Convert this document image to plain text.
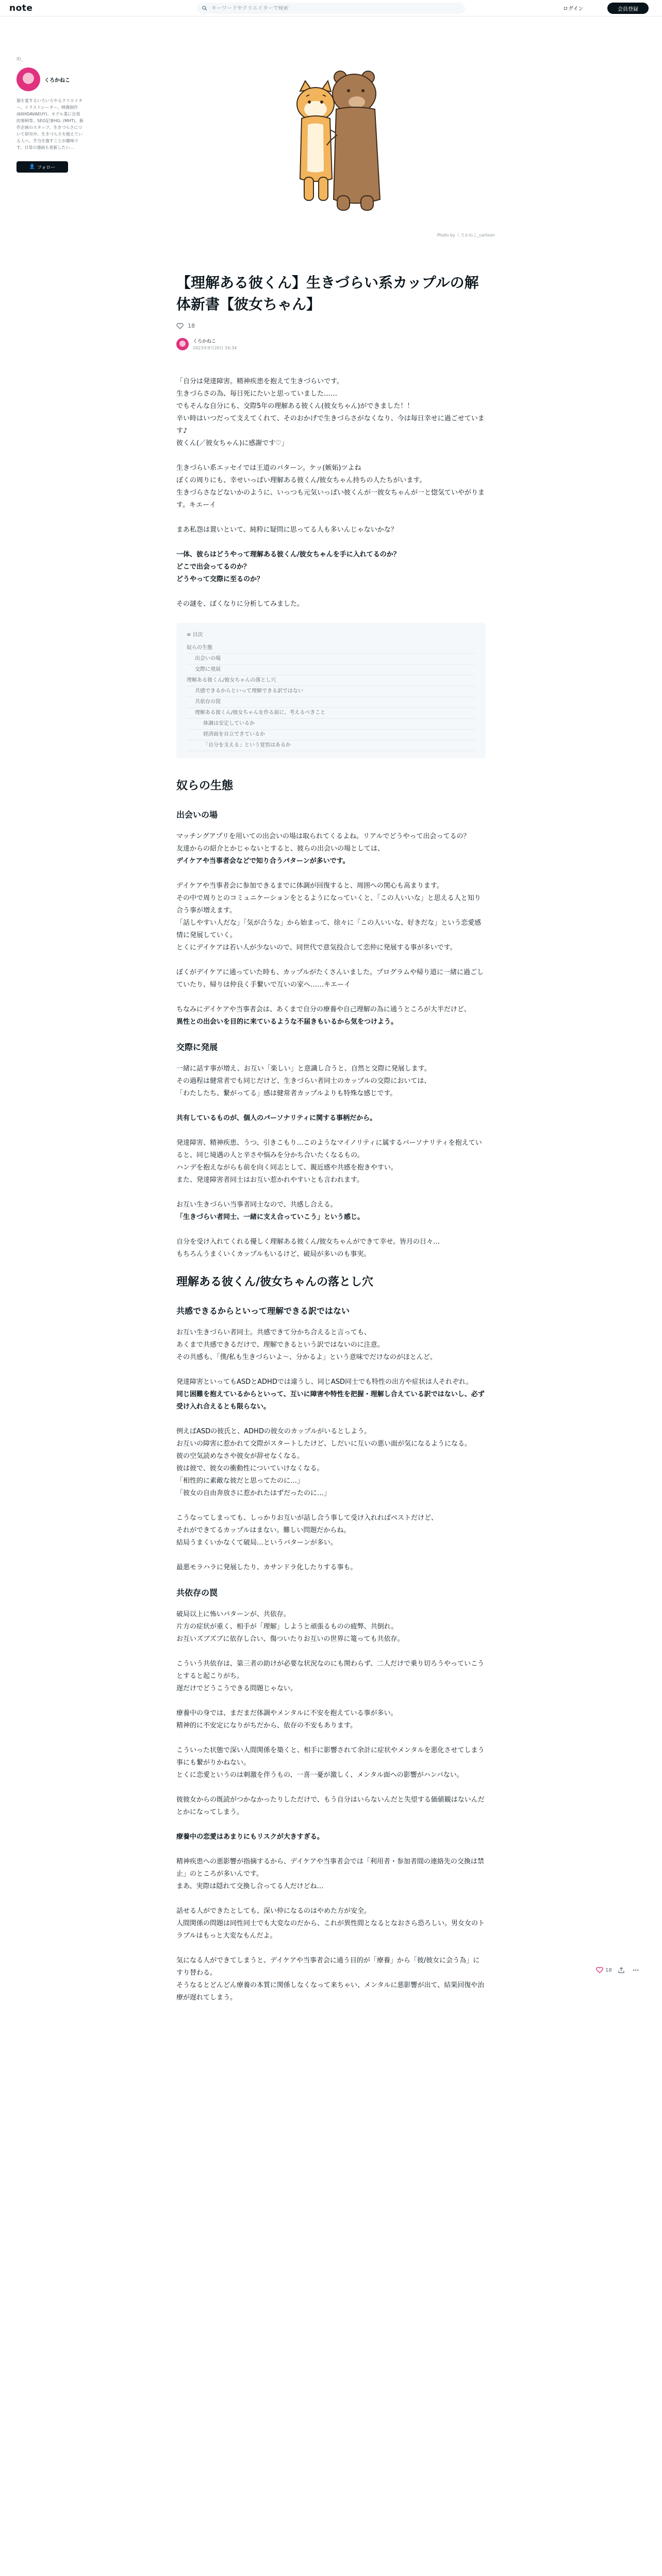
note
キーワードやクリエイターで検索	ログイン	会員登録
ID_
くろかねこ
猫を愛するいろいろやるクリエイター。イラストレーター、映像制作(60HDAVAEUY)、モデル業に自発的事柄等。SEO記事HG: (MHT)、新作企画のスタッフ。生きづらさについて研究中。生きづらさを抱えている人へ、手当を施すことが趣味です。日常の漫画も更新したい...
👤 フォロー
Photo by くろかねこ_cartoon
【理解ある彼くん】生きづらい系カップルの解体新書【彼女ちゃん】
18
くろかねこ
2023年9月20日 16:34

「自分は発達障害。精神疾患を抱えて生きづらいです。
生きづらさの為、毎日死にたいと思っていました……
でもそんな自分にも、交際5年の理解ある彼くん(彼女ちゃん)ができました！！
辛い時はいつだって支えてくれて、そのおかげで生きづらさがなくなり、今は毎日幸せに過ごせています♪
彼くん(／彼女ちゃん)に感謝です♡」

生きづらい系エッセイでは王道のパターン。ケッ(嫉妬)ツよね
ぼくの周りにも、幸せいっぱい理解ある彼くん/彼女ちゃん持ちの人たちがいます。
生きづらさなどないかのように、いっつも元気いっぱい彼くんが一彼女ちゃんが一と惚気ていやがります。キエーイ

まあ私怨は置いといて、純粋に疑問に思ってる人も多いんじゃないかな？

一体、彼らはどうやって理解ある彼くん/彼女ちゃんを手に入れてるのか？
どこで出会ってるのか？
どうやって交際に至るのか？

その謎を、ぼくなりに分析してみました。

≡ 目次
奴らの生態
出会いの場
交際に発展
理解ある彼くん/彼女ちゃんの落とし穴
共感できるからといって理解できる訳ではない
共依存の罠
理解ある彼くん/彼女ちゃんを作る前に、考えるべきこと
体調は安定しているか
経済面を自立できているか
「自分を支える」という覚悟はあるか
奴らの生態
出会いの場

マッチングアプリを用いての出会いの場は取られてくるよね。リアルでどうやって出会ってるの？
友達からの紹介とかじゃないとすると、彼らの出会いの場としては、
デイケアや当事者会などで知り合うパターンが多いです。

デイケアや当事者会に参加できるまでに体調が回復すると、周囲への関心も高まります。
その中で周りとのコミュニケーションをとるようになっていくと、「この人いいな」と思える人と知り合う事が増えます。
「話しやすい人だな」「気が合うな」から始まって、徐々に「この人いいな、好きだな」という恋愛感情に発展していく。
とくにデイケアは若い人が少ないので、同世代で意気投合して恋仲に発展する事が多いです。

ぼくがデイケアに通っていた時も、カップルがたくさんいました。プログラムや帰り道に一緒に過ごしていたり、帰りは仲良く手繋いで互いの家へ……キエーイ

ちなみにデイケアや当事者会は、あくまで自分の療養や自己理解の為に通うところが大半だけど、
異性との出会いを目的に来ているような不届きもいるから気をつけよう。

交際に発展

一緒に話す事が増え、お互い「楽しい」と意識し合うと、自然と交際に発展します。
その過程は健常者でも同じだけど、生きづらい者同士のカップルの交際においては、
「わたしたち、繋がってる」感は健常者カップルよりも特殊な感じです。

共有しているものが、個人のパーソナリティに関する事柄だから。

発達障害、精神疾患、うつ、引きこもり…このようなマイノリティに属するパーソナリティを抱えていると、同じ境遇の人と辛さや悩みを分かち合いたくなるもの。
ハンデを抱えながらも前を向く同志として、親近感や共感を抱きやすい。
また、発達障害者同士はお互い惹かれやすいとも言われます。

お互い生きづらい当事者同士なので、共感し合える。
「生きづらい者同士、一緒に支え合っていこう」という感じ。

自分を受け入れてくれる優しく理解ある彼くん/彼女ちゃんができて幸せ。皆月の日々…
もちろんうまくいくカップルもいるけど、破局が多いのも事実。

理解ある彼くん/彼女ちゃんの落とし穴
共感できるからといって理解できる訳ではない

お互い生きづらい者同士。共感できて分かち合えると言っても、
あくまで共感できるだけで、理解できるという訳ではないのに注意。
その共感も、「僕/私も生きづらいよ～、分かるよ」という意味でだけなのがほとんど。

発達障害といってもASDとADHDでは違うし、同じASD同士でも特性の出方や症状は人それぞれ。
同じ困難を抱えているからといって、互いに障害や特性を把握・理解し合えている訳ではないし、必ず受け入れ合えるとも限らない。

例えばASDの彼氏と、ADHDの彼女のカップルがいるとしよう。
お互いの障害に惹かれて交際がスタートしたけど、しだいに互いの悪い面が気になるようになる。
彼の空気読めなさや彼女が辞せなくなる。
彼は彼で、彼女の衝動性についていけなくなる。
「相性的に素敵な彼だと思ってたのに…」
「彼女の自由奔放さに惹かれたはずだったのに…」

こうなってしまっても、しっかりお互いが話し合う事して受け入れればベストだけど、
それができてるカップルはまない。難しい問題だからね。
結局うまくいかなくて破局…というパターンが多い。

最悪モラハラに発展したり、カサンドラ化したりする事も。

共依存の罠

破局以上に怖いパターンが、共依存。
片方の症状が重く、相手が「理解」しようと頑張るものの疲弊、共倒れ。
お互いズブズブに依存し合い、傷ついたりお互いの世界に篭っても共依存。

こういう共依存は、第三者の助けが必要な状況なのにも関わらず、二人だけで乗り切ろうやっていこうとすると起こりがち。
遅だけでどうこうできる問題じゃない。

療養中の身では、まだまだ体調やメンタルに不安を抱えている事が多い。
精神的に不安定になりがちだから、依存の不安もあります。

こういった状態で深い人間関係を築くと、相手に影響されて余計に症状やメンタルを悪化させてしまう事にも繋がりかねない。
とくに恋愛というのは刺激を伴うもの、一喜一憂が激しく、メンタル面への影響がハンパない。

彼彼女からの既読がつかなかったりしただけで、もう自分はいらないんだと失望する価値観はないんだとかになってしまう。

療養中の恋愛はあまりにもリスクが大きすぎる。

精神疾患への悪影響が指摘するから、デイケアや当事者会では「利用者・参加者間の連絡先の交換は禁止」のところが多いんです。
まあ、実際は隠れて交換し合ってる人だけどね…

話せる人ができたとしても、深い仲になるのはやめた方が安全。
人間関係の問題は同性同士でも大変なのだから、これが異性間となるとなおさら恐ろしい。男女女のトラブルはもっと大変なもんだよ。

気になる人ができてしまうと、デイケアや当事者会に通う目的が「療養」から「彼/彼女に会う為」にすり替わる。
そうなるとどんどん療養の本質に関係しなくなって来ちゃい、メンタルに悪影響が出て、結果回復や治療が遅れてしまう。

18
